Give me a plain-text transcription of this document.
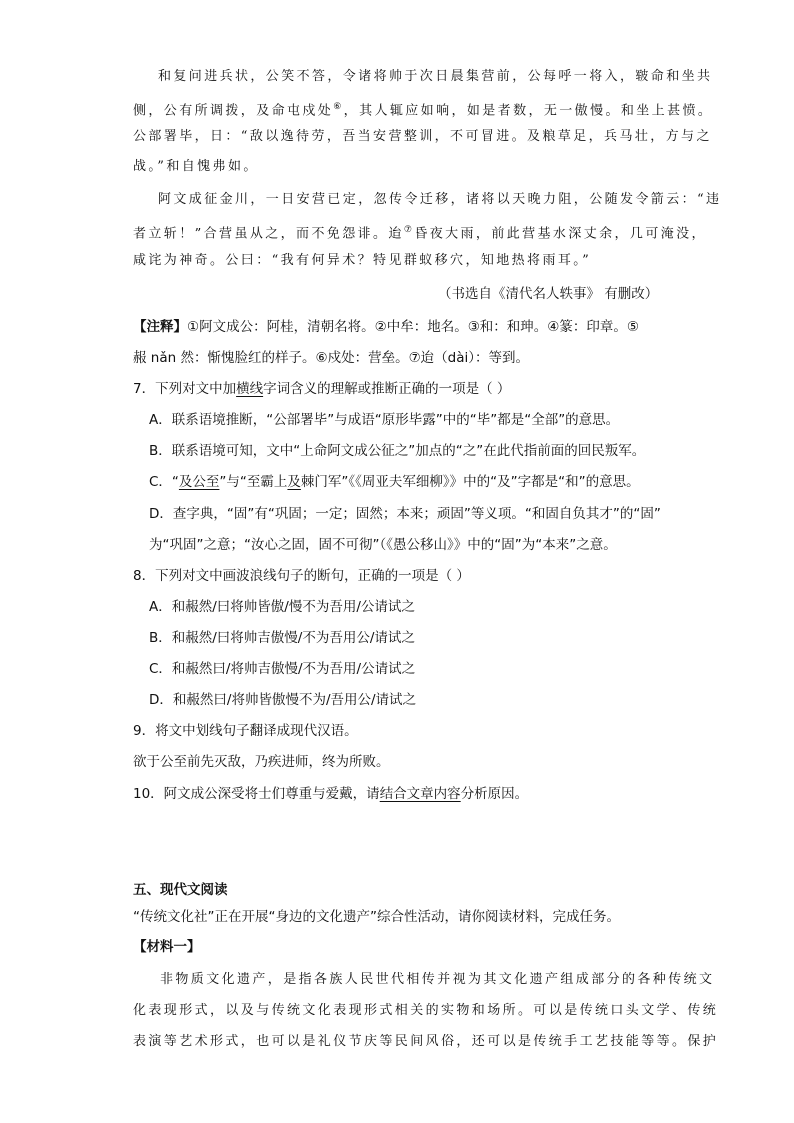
和复问进兵状，公笑不答，令诸将帅于次日晨集营前，公每呼一将入，皲命和坐共
侧，公有所调拨，及命屯戍处⑥，其人辄应如响，如是者数，无一傲慢。和坐上甚愤。
公部署毕，日：“敌以逸待劳，吾当安营整训，不可冒进。及粮草足，兵马壮，方与之
战。”和自愧弗如。
阿文成征金川，一日安营已定，忽传令迁移，诸将以天晚力阻，公随发令箭云：“违
者立斩！”合营虽从之，而不免怨诽。迨⑦昏夜大雨，前此营基水深丈余，几可淹没，
咸诧为神奇。公曰：“我有何异术？特见群蚁移穴，知地热将雨耳。”
（书选自《清代名人轶事》 有删改）
【注释】①阿文成公：阿桂，清朝名将。②中牟：地名。③和：和珅。④篆：印章。⑤
赧 nǎn 然：惭愧脸红的样子。⑥戍处：营垒。⑦迨（dài）：等到。
7．下列对文中加横线字词含义的理解或推断正确的一项是（ ）
A．联系语境推断，“公部署毕”与成语“原形毕露”中的“毕”都是“全部”的意思。
B．联系语境可知，文中“上命阿文成公征之”加点的“之”在此代指前面的回民叛军。
C．“及公至”与“至霸上及棘门军”《《周亚夫军细柳》》中的“及”字都是“和”的意思。
D．查字典，“固”有“巩固；一定；固然；本来；顽固”等义项。“和固自负其才”的“固”
为“巩固”之意；“汝心之固，固不可彻”（《愚公移山》》中的“固”为“本来”之意。
8．下列对文中画波浪线句子的断句，正确的一项是（ ）
A．和赧然/曰将帅皆傲/慢不为吾用/公请试之
B．和赧然/曰将帅吉傲慢/不为吾用公/请试之
C．和赧然曰/将帅吉傲慢/不为吾用/公请试之
D．和赧然曰/将帅皆傲慢不为/吾用公/请试之
9．将文中划线句子翻译成现代汉语。
欲于公至前先灭敌，乃疾进师，终为所败。
10．阿文成公深受将士们尊重与爱戴，请结合文章内容分析原因。
五、现代文阅读
“传统文化社”正在开展“身边的文化遗产”综合性活动，请你阅读材料，完成任务。
【材料一】
非物质文化遗产，是指各族人民世代相传并视为其文化遗产组成部分的各种传统文
化表现形式，以及与传统文化表现形式相关的实物和场所。可以是传统口头文学、传统
表演等艺术形式，也可以是礼仪节庆等民间风俗，还可以是传统手工艺技能等等。保护
